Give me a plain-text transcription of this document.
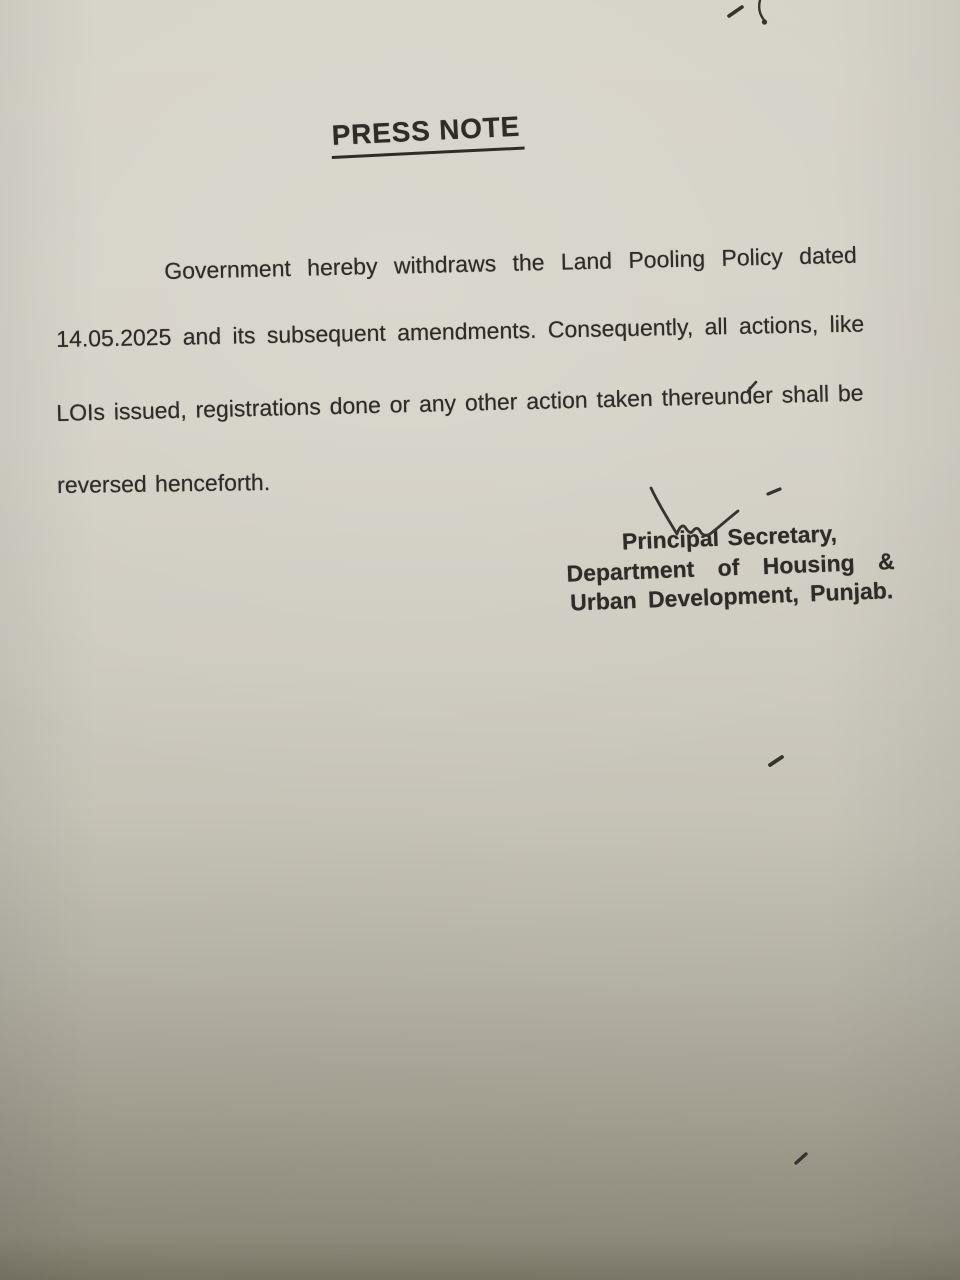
PRESS NOTE
Government hereby withdraws the Land Pooling Policy dated
14.05.2025 and its subsequent amendments. Consequently, all actions, like
LOIs issued, registrations done or any other action taken thereunder shall be
reversed henceforth.
Principal Secretary,
Department of Housing &
Urban Development, Punjab.
